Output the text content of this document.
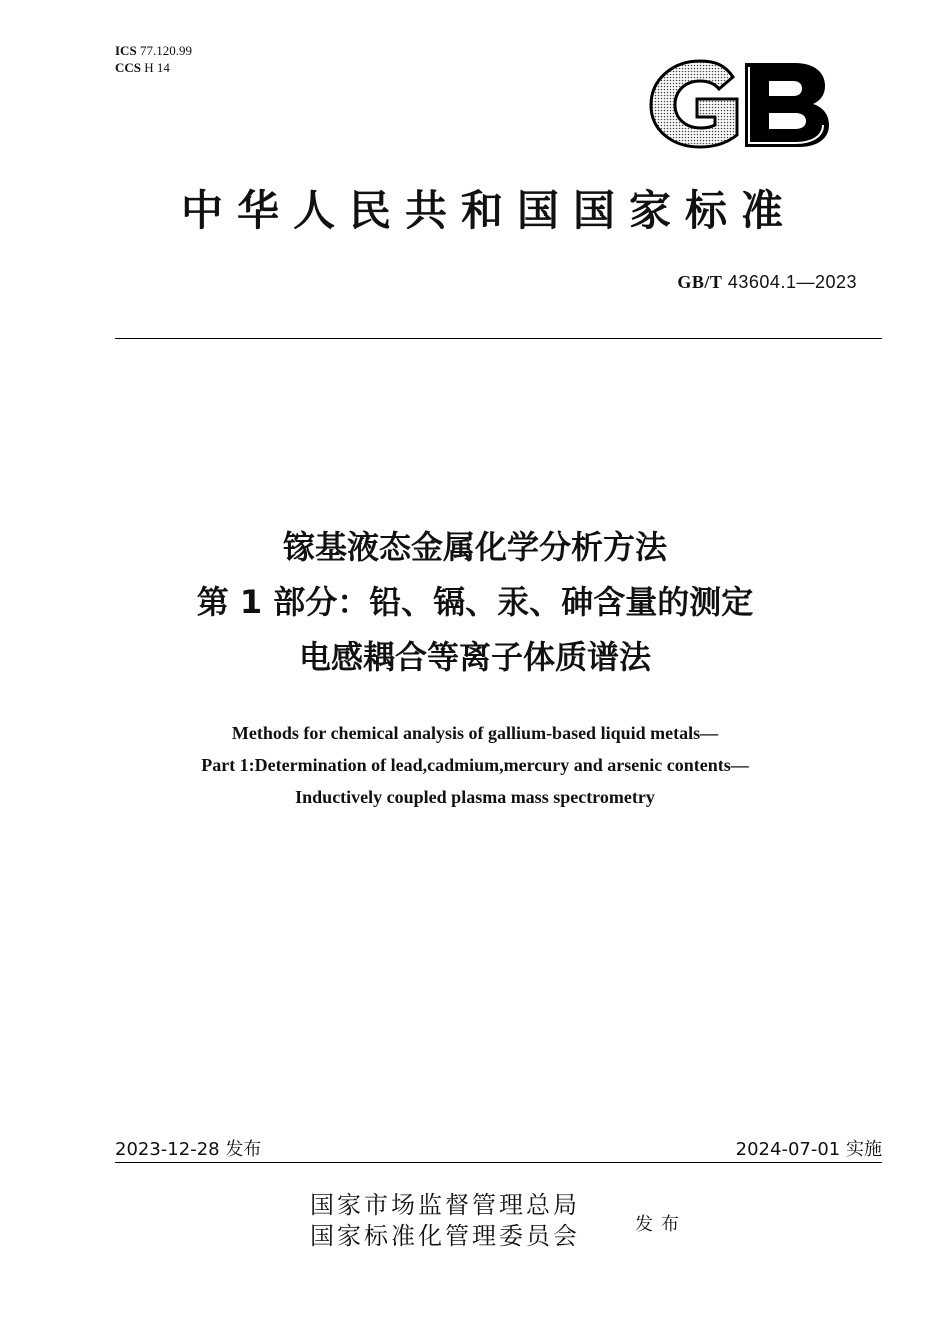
ICS 77.120.99
CCS H 14
中华人民共和国国家标准
GB/T 43604.1—2023
镓基液态金属化学分析方法
第 1 部分：铅、镉、汞、砷含量的测定
电感耦合等离子体质谱法
Methods for chemical analysis of gallium-based liquid metals—
Part 1:Determination of lead,cadmium,mercury and arsenic contents—
Inductively coupled plasma mass spectrometry
2023-12-28 发布	2024-07-01 实施
国家市场监督管理总局
国家标准化管理委员会	发布
